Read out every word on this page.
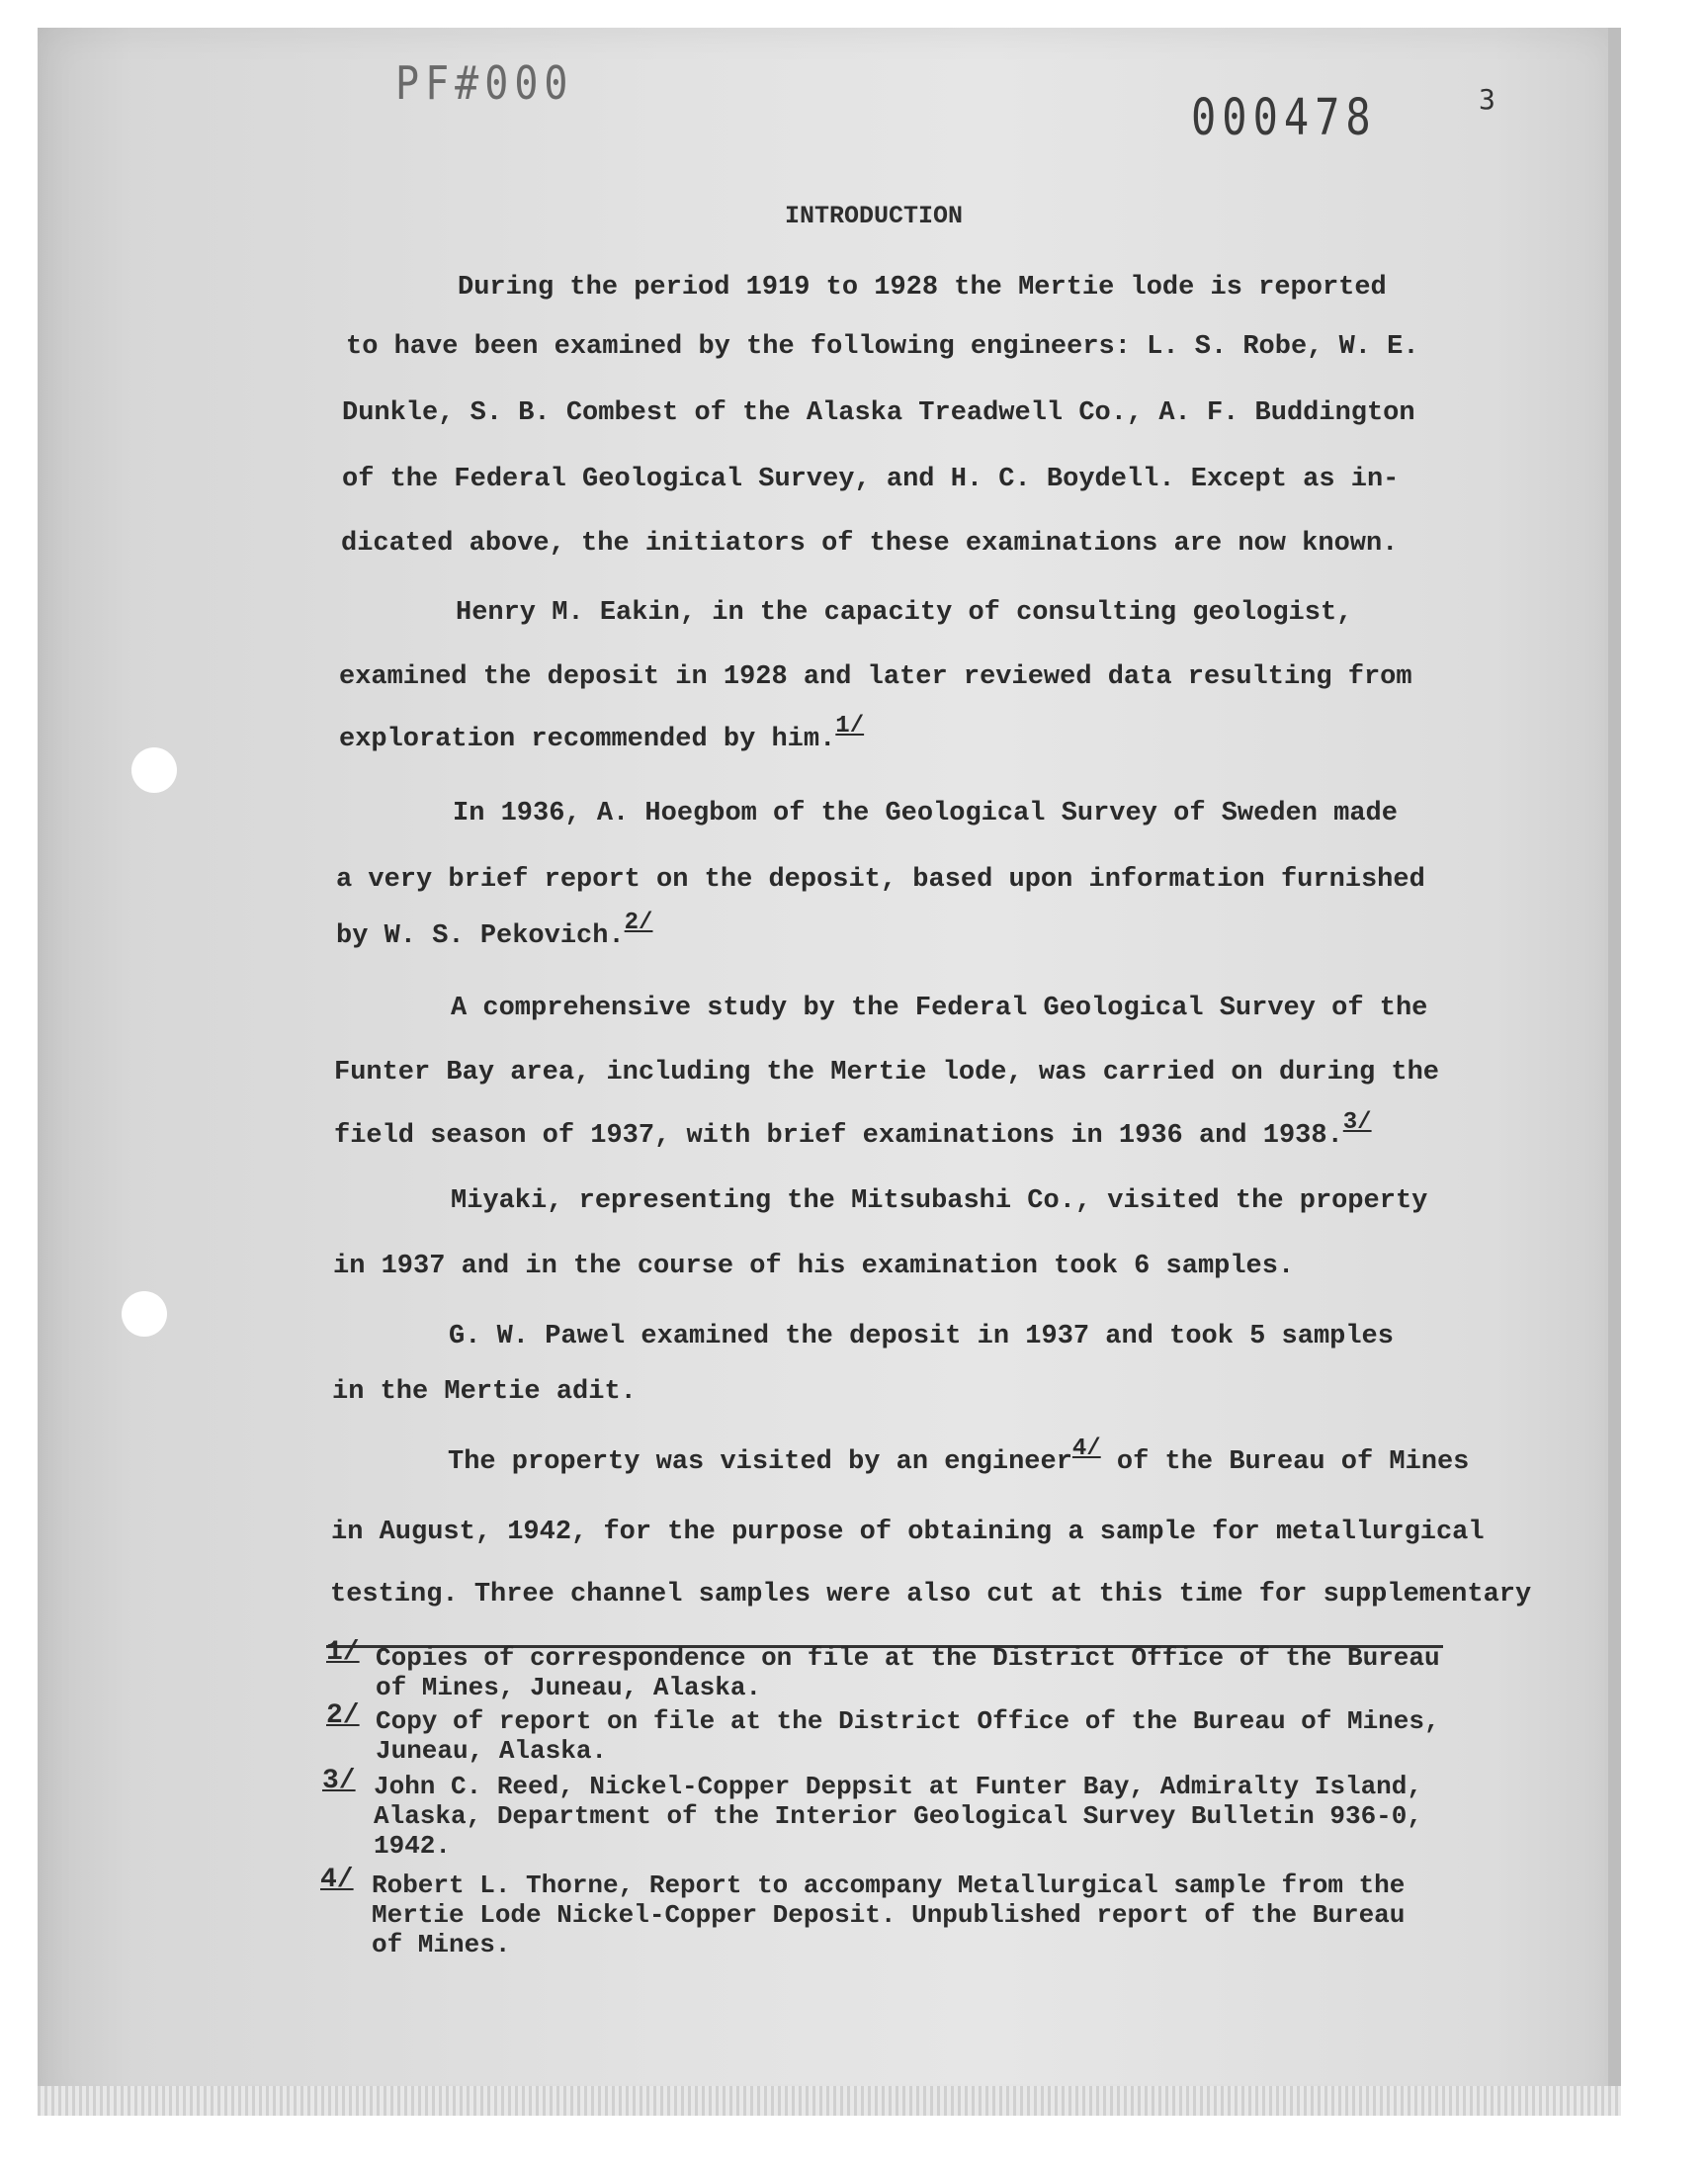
PF#000
000478	3
INTRODUCTION
During the period 1919 to 1928 the Mertie lode is reported
to have been examined by the following engineers: L. S. Robe, W. E.
Dunkle, S. B. Combest of the Alaska Treadwell Co., A. F. Buddington
of the Federal Geological Survey, and H. C. Boydell. Except as in-
dicated above, the initiators of these examinations are now known.
Henry M. Eakin, in the capacity of consulting geologist,
examined the deposit in 1928 and later reviewed data resulting from
exploration recommended by him.$^{1/}$
In 1936, A. Hoegbom of the Geological Survey of Sweden made
a very brief report on the deposit, based upon information furnished
by W. S. Pekovich.$^{2/}$
A comprehensive study by the Federal Geological Survey of the
Funter Bay area, including the Mertie lode, was carried on during the
field season of 1937, with brief examinations in 1936 and 1938.$^{3/}$
Miyaki, representing the Mitsubashi Co., visited the property
in 1937 and in the course of his examination took 6 samples.
G. W. Pawel examined the deposit in 1937 and took 5 samples
in the Mertie adit.
The property was visited by an engineer$^{4/}$ of the Bureau of Mines
in August, 1942, for the purpose of obtaining a sample for metallurgical
testing. Three channel samples were also cut at this time for supplementary
1/ Copies of correspondence on file at the District Office of the Bureau
of Mines, Juneau, Alaska.
2/ Copy of report on file at the District Office of the Bureau of Mines,
Juneau, Alaska.
3/ John C. Reed, Nickel-Copper Deppsit at Funter Bay, Admiralty Island,
Alaska, Department of the Interior Geological Survey Bulletin 936-0,
1942.
4/ Robert L. Thorne, Report to accompany Metallurgical sample from the
Mertie Lode Nickel-Copper Deposit. Unpublished report of the Bureau
of Mines.
